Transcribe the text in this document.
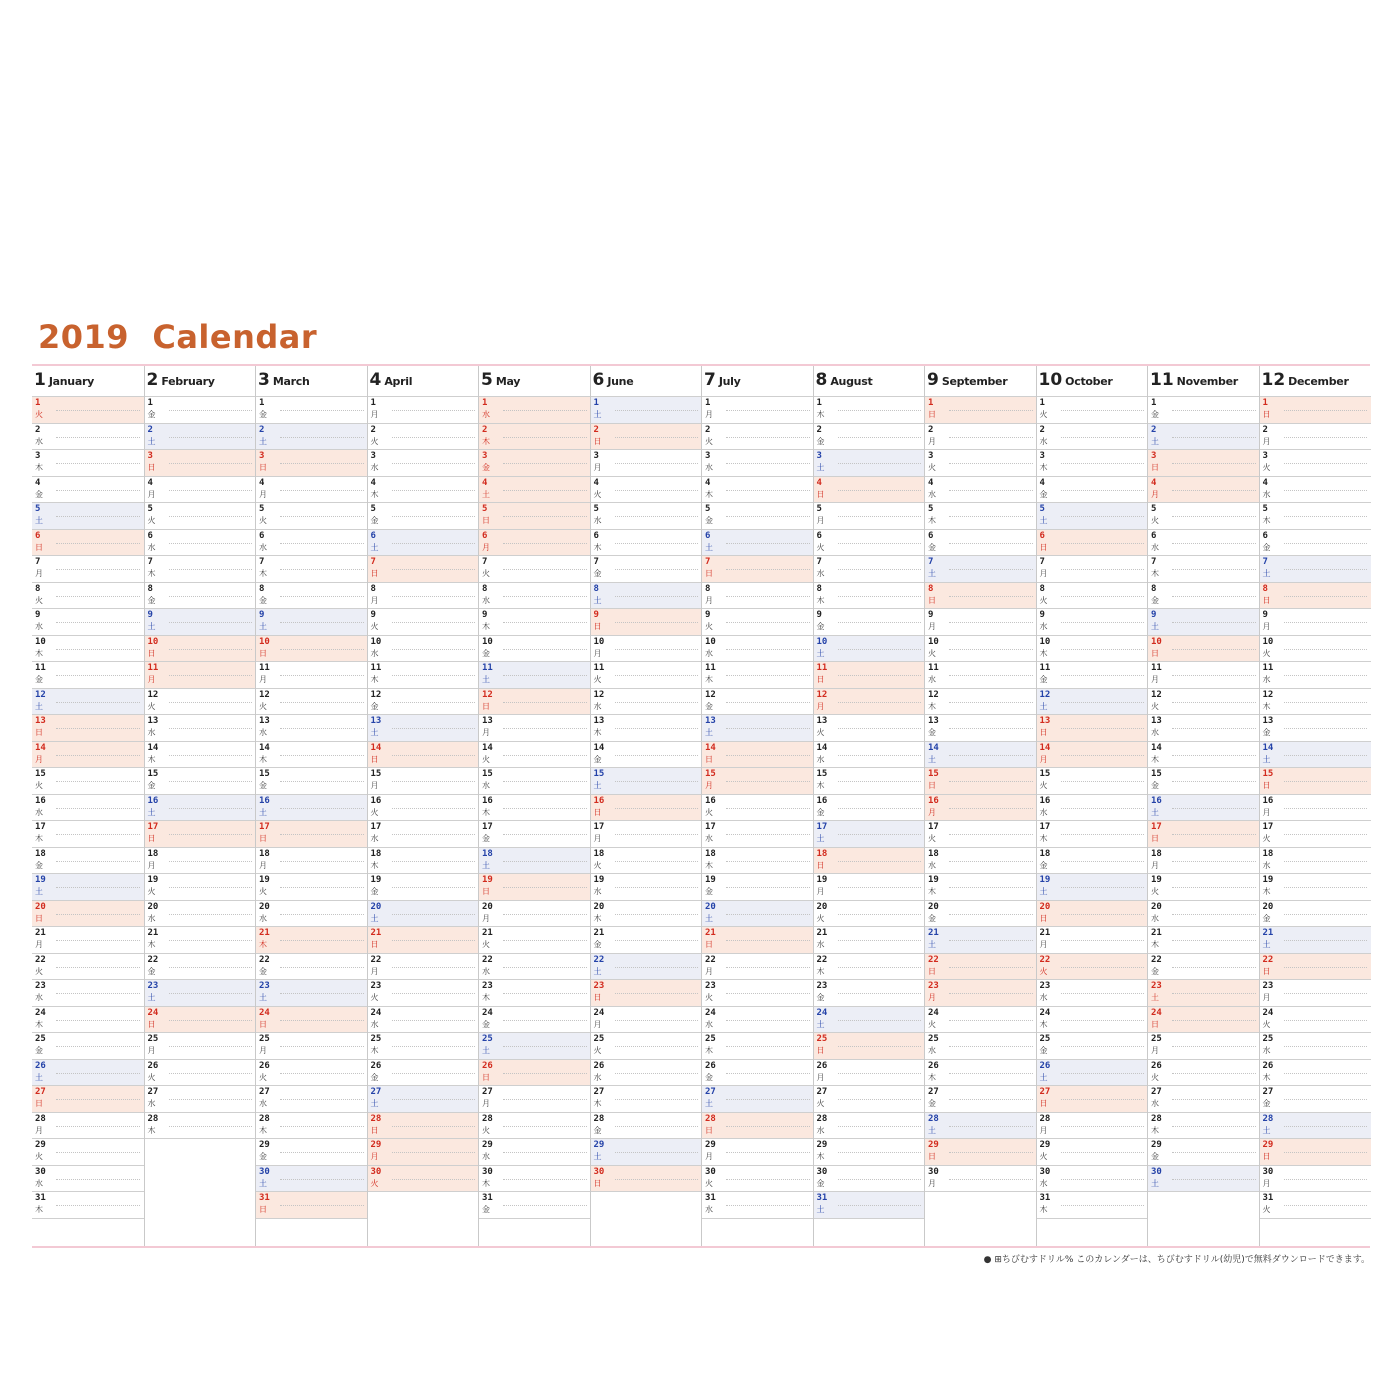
2019  Calendar
1 January
1
火
2
水
3
木
4
金
5
土
6
日
7
月
8
火
9
水
10
木
11
金
12
土
13
日
14
月
15
火
16
水
17
木
18
金
19
土
20
日
21
月
22
火
23
水
24
木
25
金
26
土
27
日
28
月
29
火
30
水
31
木
2 February
1
金
2
土
3
日
4
月
5
火
6
水
7
木
8
金
9
土
10
日
11
月
12
火
13
水
14
木
15
金
16
土
17
日
18
月
19
火
20
水
21
木
22
金
23
土
24
日
25
月
26
火
27
水
28
木
3 March
1
金
2
土
3
日
4
月
5
火
6
水
7
木
8
金
9
土
10
日
11
月
12
火
13
水
14
木
15
金
16
土
17
日
18
月
19
火
20
水
21
木
22
金
23
土
24
日
25
月
26
火
27
水
28
木
29
金
30
土
31
日
4 April
1
月
2
火
3
水
4
木
5
金
6
土
7
日
8
月
9
火
10
水
11
木
12
金
13
土
14
日
15
月
16
火
17
水
18
木
19
金
20
土
21
日
22
月
23
火
24
水
25
木
26
金
27
土
28
日
29
月
30
火
5 May
1
水
2
木
3
金
4
土
5
日
6
月
7
火
8
水
9
木
10
金
11
土
12
日
13
月
14
火
15
水
16
木
17
金
18
土
19
日
20
月
21
火
22
水
23
木
24
金
25
土
26
日
27
月
28
火
29
水
30
木
31
金
6 June
1
土
2
日
3
月
4
火
5
水
6
木
7
金
8
土
9
日
10
月
11
火
12
水
13
木
14
金
15
土
16
日
17
月
18
火
19
水
20
木
21
金
22
土
23
日
24
月
25
火
26
水
27
木
28
金
29
土
30
日
7 July
1
月
2
火
3
水
4
木
5
金
6
土
7
日
8
月
9
火
10
水
11
木
12
金
13
土
14
日
15
月
16
火
17
水
18
木
19
金
20
土
21
日
22
月
23
火
24
水
25
木
26
金
27
土
28
日
29
月
30
火
31
水
8 August
1
木
2
金
3
土
4
日
5
月
6
火
7
水
8
木
9
金
10
土
11
日
12
月
13
火
14
水
15
木
16
金
17
土
18
日
19
月
20
火
21
水
22
木
23
金
24
土
25
日
26
月
27
火
28
水
29
木
30
金
31
土
9 September
1
日
2
月
3
火
4
水
5
木
6
金
7
土
8
日
9
月
10
火
11
水
12
木
13
金
14
土
15
日
16
月
17
火
18
水
19
木
20
金
21
土
22
日
23
月
24
火
25
水
26
木
27
金
28
土
29
日
30
月
10 October
1
火
2
水
3
木
4
金
5
土
6
日
7
月
8
火
9
水
10
木
11
金
12
土
13
日
14
月
15
火
16
水
17
木
18
金
19
土
20
日
21
月
22
火
23
水
24
木
25
金
26
土
27
日
28
月
29
火
30
水
31
木
11 November
1
金
2
土
3
日
4
月
5
火
6
水
7
木
8
金
9
土
10
日
11
月
12
火
13
水
14
木
15
金
16
土
17
日
18
月
19
火
20
水
21
木
22
金
23
土
24
日
25
月
26
火
27
水
28
木
29
金
30
土
12 December
1
日
2
月
3
火
4
水
5
木
6
金
7
土
8
日
9
月
10
火
11
水
12
木
13
金
14
土
15
日
16
月
17
火
18
水
19
木
20
金
21
土
22
日
23
月
24
火
25
水
26
木
27
金
28
土
29
日
30
月
31
火
● ⊞ちびむすドリル% このカレンダーは、ちびむすドリル(幼児)で無料ダウンロードできます。
